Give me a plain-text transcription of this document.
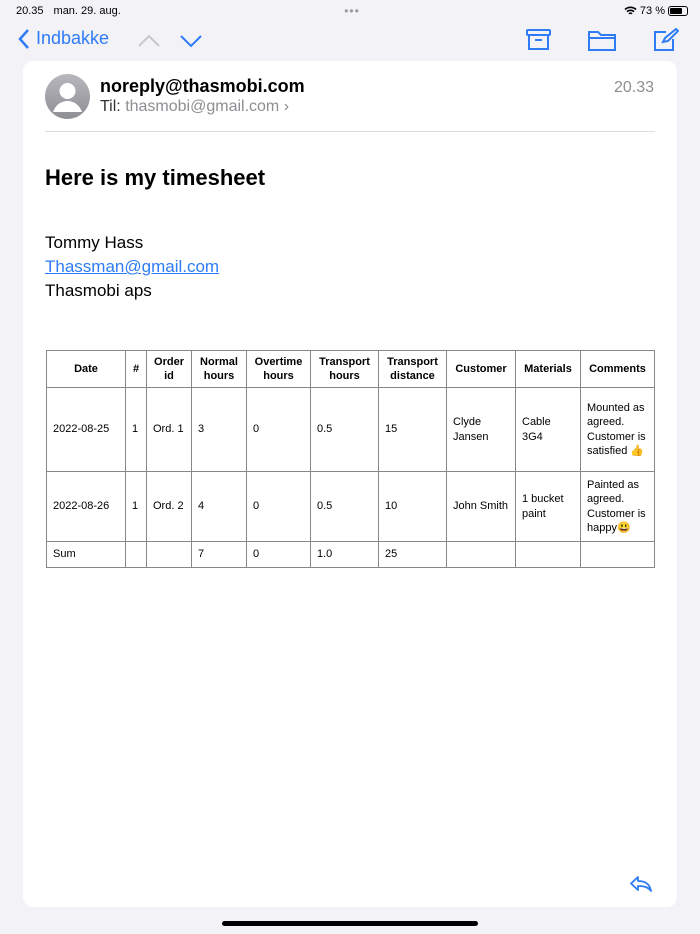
20.35 man. 29. aug.	•••	73 %
Indbakke
noreply@thasmobi.com
Til: thasmobi@gmail.com ›
20.33
Here is my timesheet
Tommy Hass
Thassman@gmail.com
Thasmobi aps
Date	#	Order id	Normal hours	Overtime hours	Transport hours	Transport distance	Customer	Materials	Comments
2022-08-25	1	Ord. 1	3	0	0.5	15	Clyde Jansen	Cable 3G4	Mounted as agreed. Customer is satisfied 👍
2022-08-26	1	Ord. 2	4	0	0.5	10	John Smith	1 bucket paint	Painted as agreed. Customer is happy😃
Sum			7	0	1.0	25			
